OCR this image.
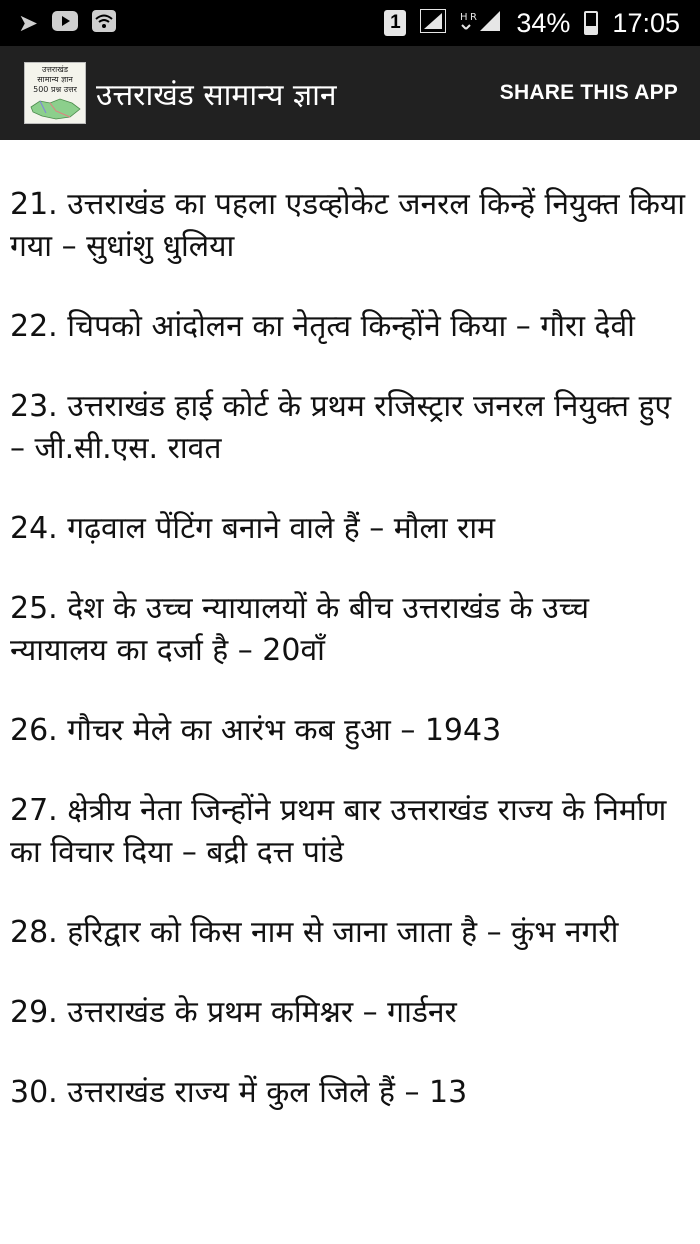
➤	1	H R 34% 17:05
उत्तराखंड
सामान्य ज्ञान
500 प्रश्न उत्तर उत्तराखंड सामान्य ज्ञान	SHARE THIS APP

21. उत्तराखंड का पहला एडव्होकेट जनरल किन्हें नियुक्त किया गया – सुधांशु धुलिया

22. चिपको आंदोलन का नेतृत्व किन्होंने किया – गौरा देवी

23. उत्तराखंड हाई कोर्ट के प्रथम रजिस्ट्रार जनरल नियुक्त हुए – जी.सी.एस. रावत

24. गढ़वाल पेंटिंग बनाने वाले हैं – मौला राम

25. देश के उच्च न्यायालयों के बीच उत्तराखंड के उच्च न्यायालय का दर्जा है – 20वाँ

26. गौचर मेले का आरंभ कब हुआ – 1943

27. क्षेत्रीय नेता जिन्होंने प्रथम बार उत्तराखंड राज्य के निर्माण का विचार दिया – बद्री दत्त पांडे

28. हरिद्वार को किस नाम से जाना जाता है – कुंभ नगरी

29. उत्तराखंड के प्रथम कमिश्नर – गार्डनर

30. उत्तराखंड राज्य में कुल जिले हैं – 13
